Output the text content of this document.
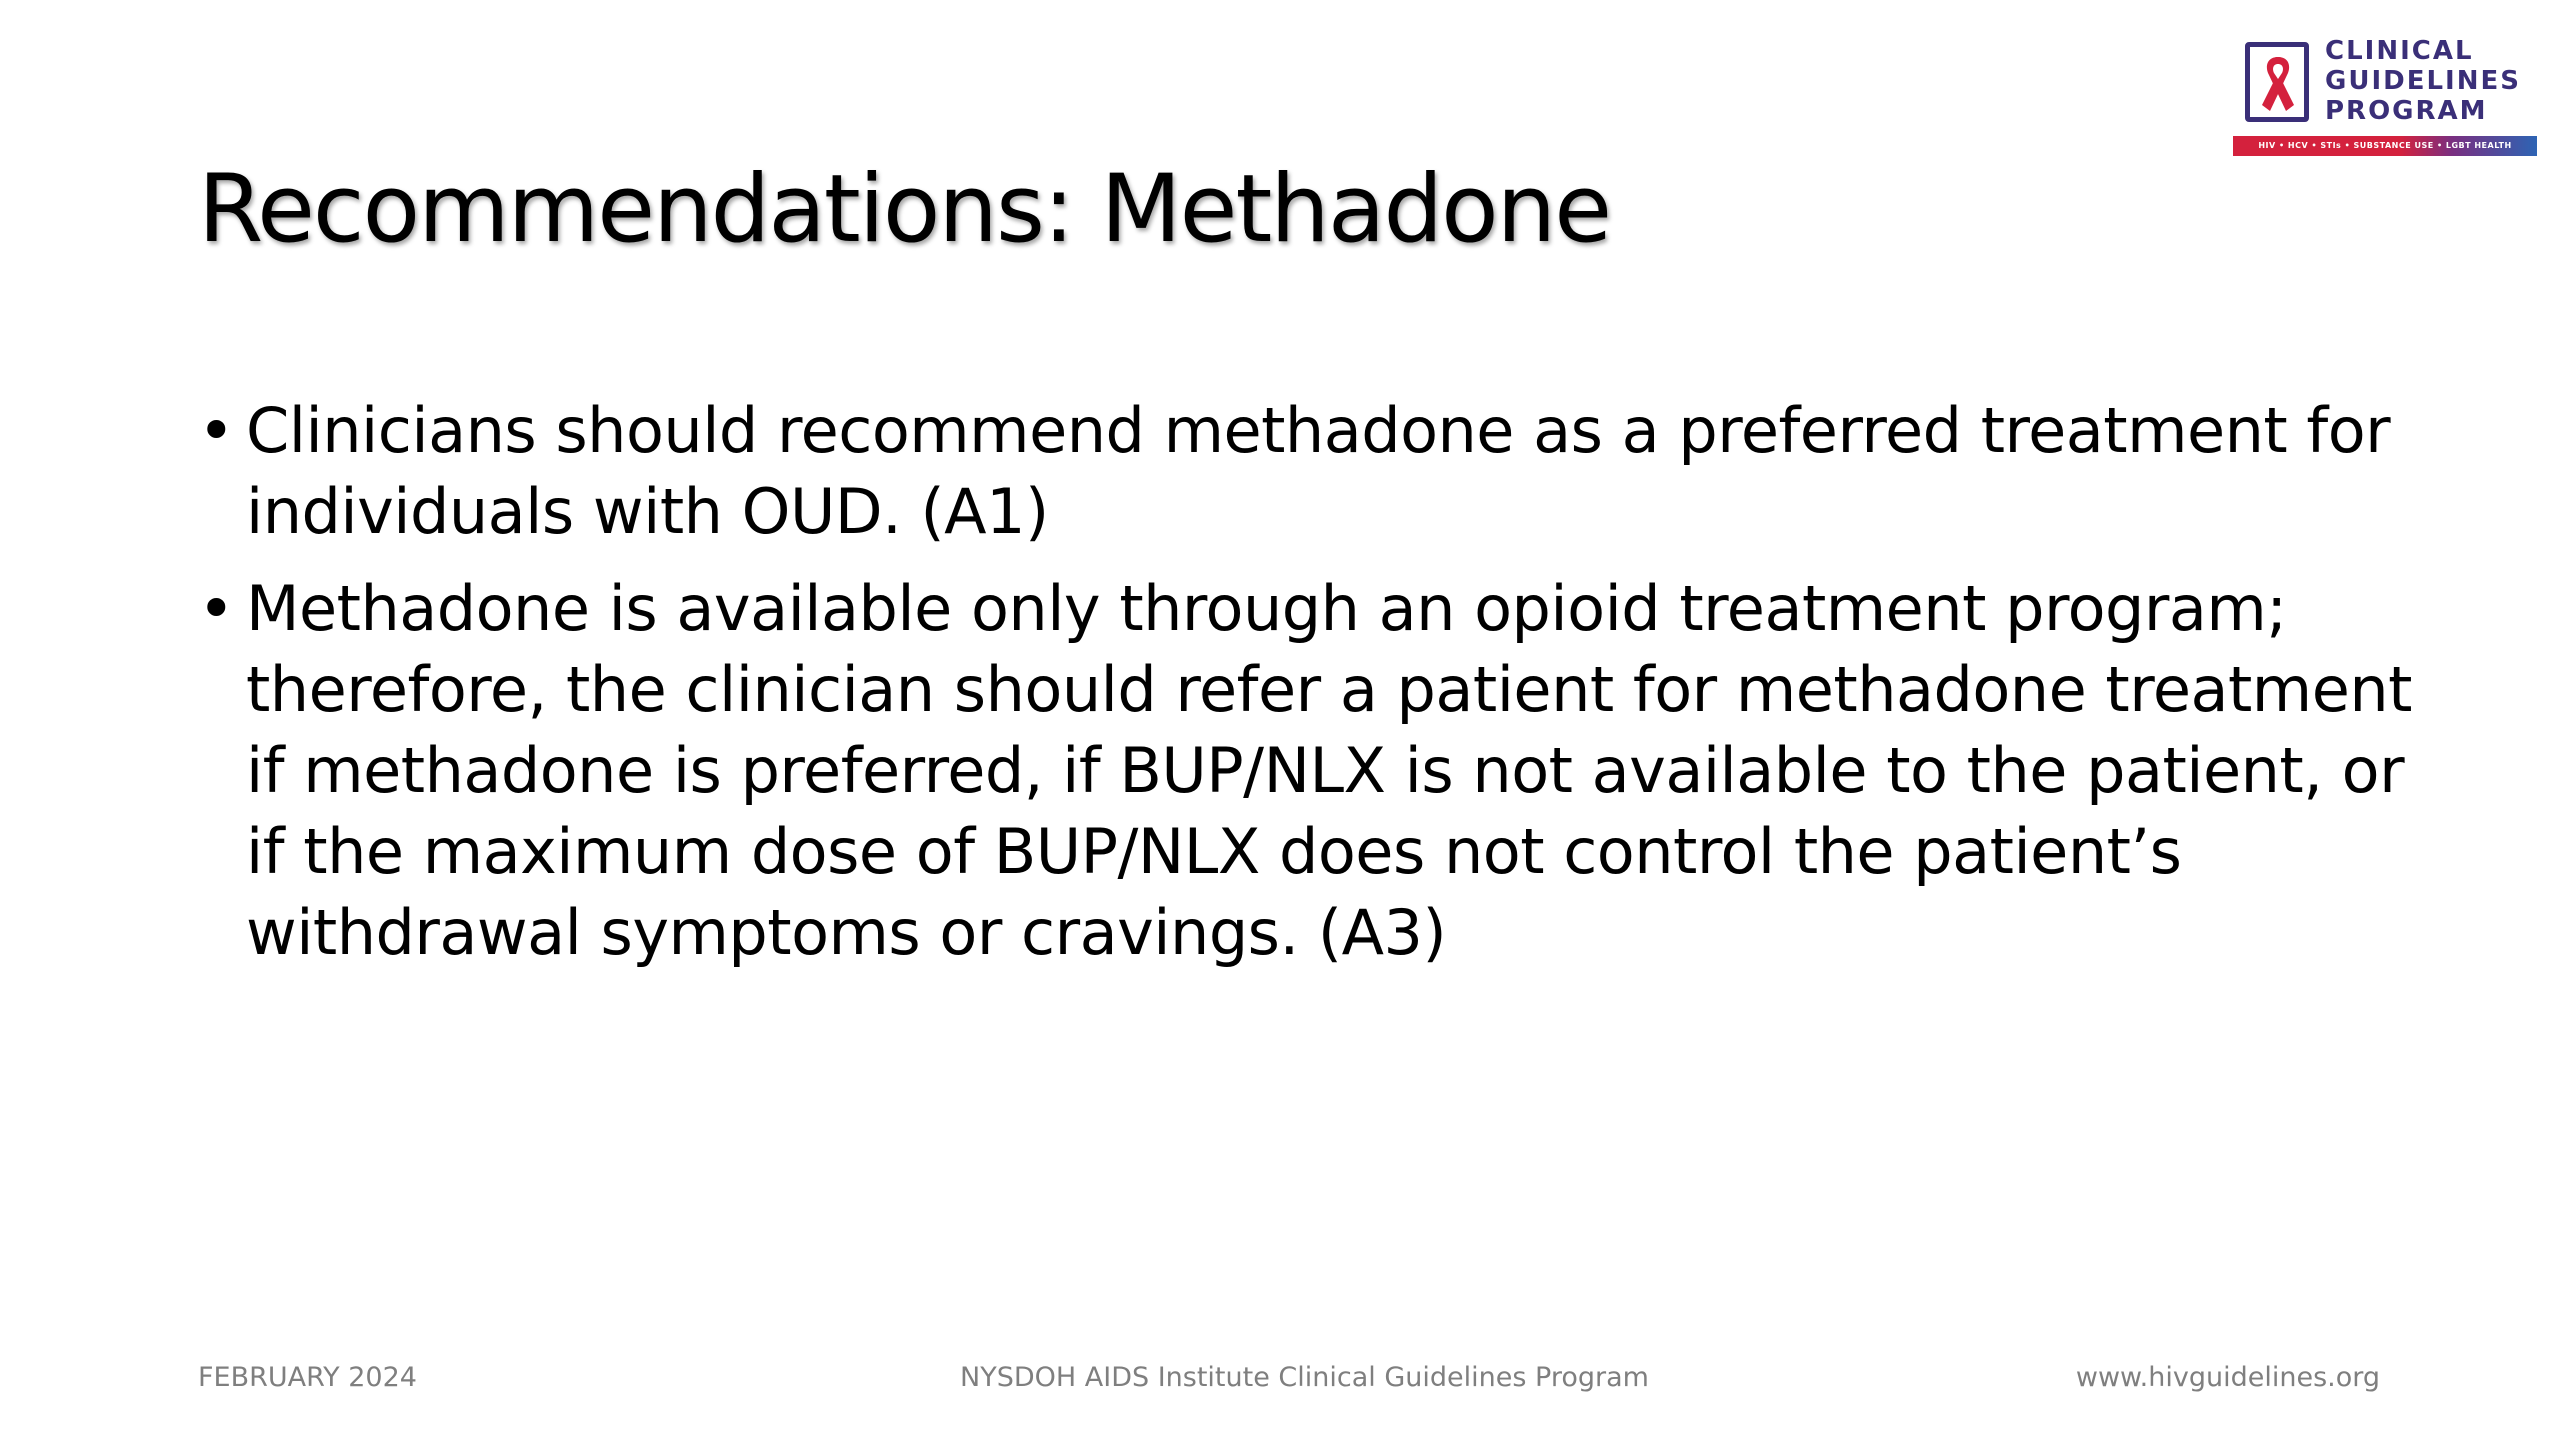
CLINICAL
GUIDELINES
PROGRAM
HIV • HCV • STIs • SUBSTANCE USE • LGBT HEALTH
Recommendations: Methadone
• Clinicians should recommend methadone as a preferred treatment for individuals with OUD. (A1)
• Methadone is available only through an opioid treatment program; therefore, the clinician should refer a patient for methadone treatment if methadone is preferred, if BUP/NLX is not available to the patient, or if the maximum dose of BUP/NLX does not control the patient’s withdrawal symptoms or cravings. (A3)
FEBRUARY 2024	NYSDOH AIDS Institute Clinical Guidelines Program	www.hivguidelines.org
